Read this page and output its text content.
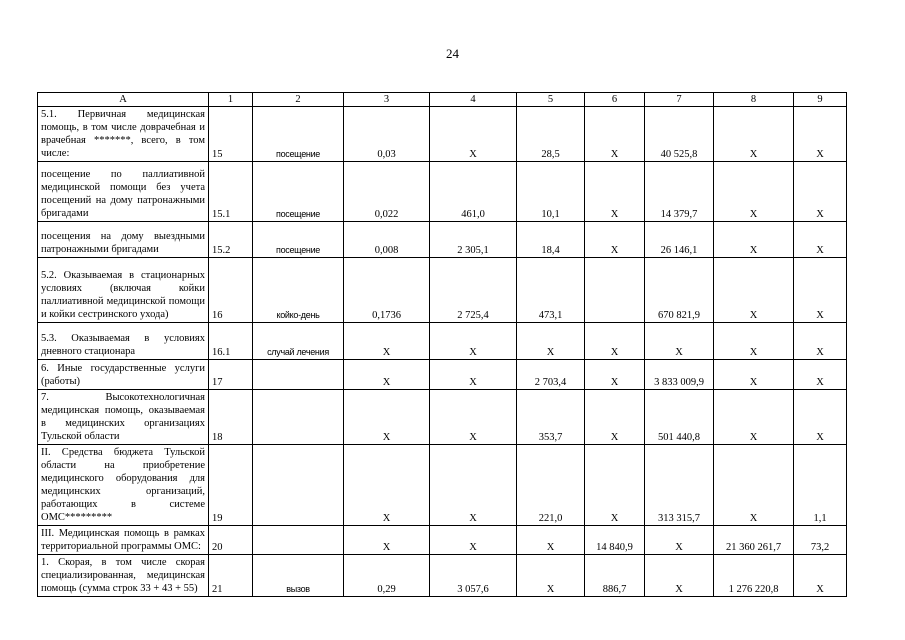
24
А	1	2	3	4	5	6	7	8	9
5.1. Первичная медицинская помощь, в том числе доврачебная и врачебная *******, всего, в том числе:	15	посещение	0,03	Х	28,5	Х	40 525,8	Х	Х
посещение по паллиативной медицинской помощи без учета посещений на дому патронажными бригадами	15.1	посещение	0,022	461,0	10,1	Х	14 379,7	Х	Х
посещения на дому выездными патронажными бригадами	15.2	посещение	0,008	2 305,1	18,4	Х	26 146,1	Х	Х
5.2. Оказываемая в стационарных условиях (включая койки паллиативной медицинской помощи и койки сестринского ухода)	16	койко-день	0,1736	2 725,4	473,1		670 821,9	Х	Х
5.3. Оказываемая в условиях дневного стационара	16.1	случай лечения	Х	Х	Х	Х	Х	Х	Х
6. Иные государственные услуги (работы)	17		Х	Х	2 703,4	Х	3 833 009,9	Х	Х
7. Высокотехнологичная медицинская помощь, оказываемая в медицинских организациях Тульской области	18		Х	Х	353,7	Х	501 440,8	Х	Х
II. Средства бюджета Тульской области на приобретение медицинского оборудования для медицинских организаций, работающих в системе ОМС*********	19		Х	Х	221,0	Х	313 315,7	Х	1,1
III. Медицинская помощь в рамках территориальной программы ОМС:	20		Х	Х	Х	14 840,9	Х	21 360 261,7	73,2
1. Скорая, в том числе скорая специализированная, медицинская помощь (сумма строк 33 + 43 + 55)	21	вызов	0,29	3 057,6	Х	886,7	Х	1 276 220,8	Х
